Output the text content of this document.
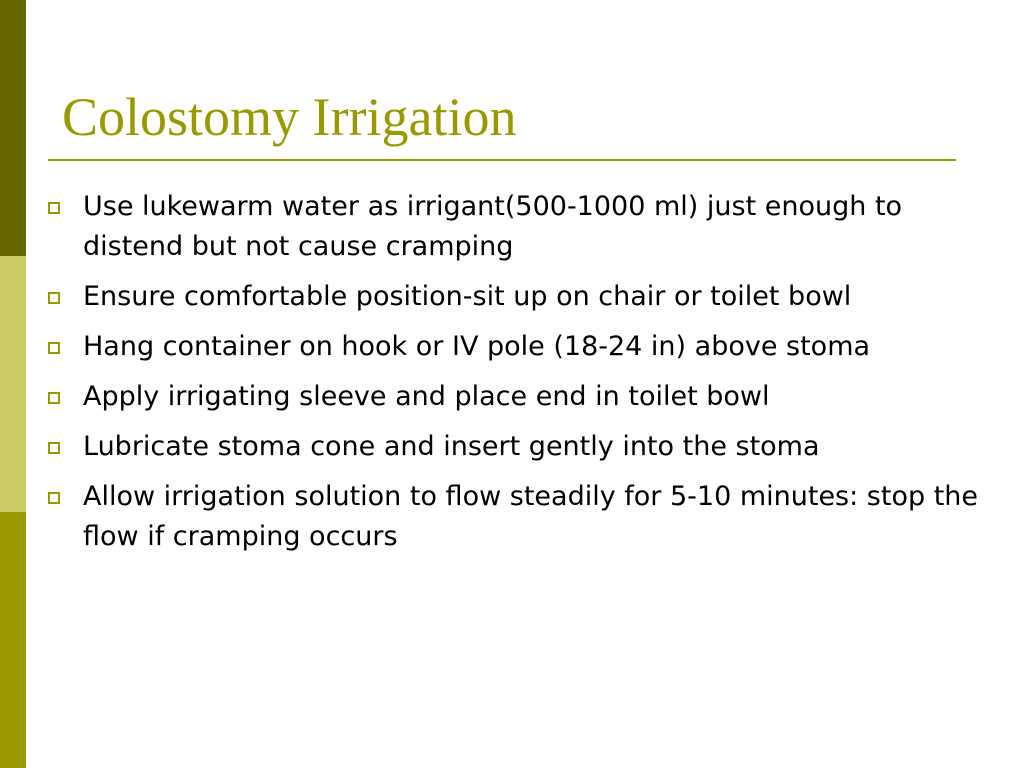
Colostomy Irrigation
Use lukewarm water as irrigant(500-1000 ml) just enough to distend but not cause cramping
Ensure comfortable position-sit up on chair or toilet bowl
Hang container on hook or IV pole (18-24 in) above stoma
Apply irrigating sleeve and place end in toilet bowl
Lubricate stoma cone and insert gently into the stoma
Allow irrigation solution to flow steadily for 5-10 minutes: stop the flow if cramping occurs
